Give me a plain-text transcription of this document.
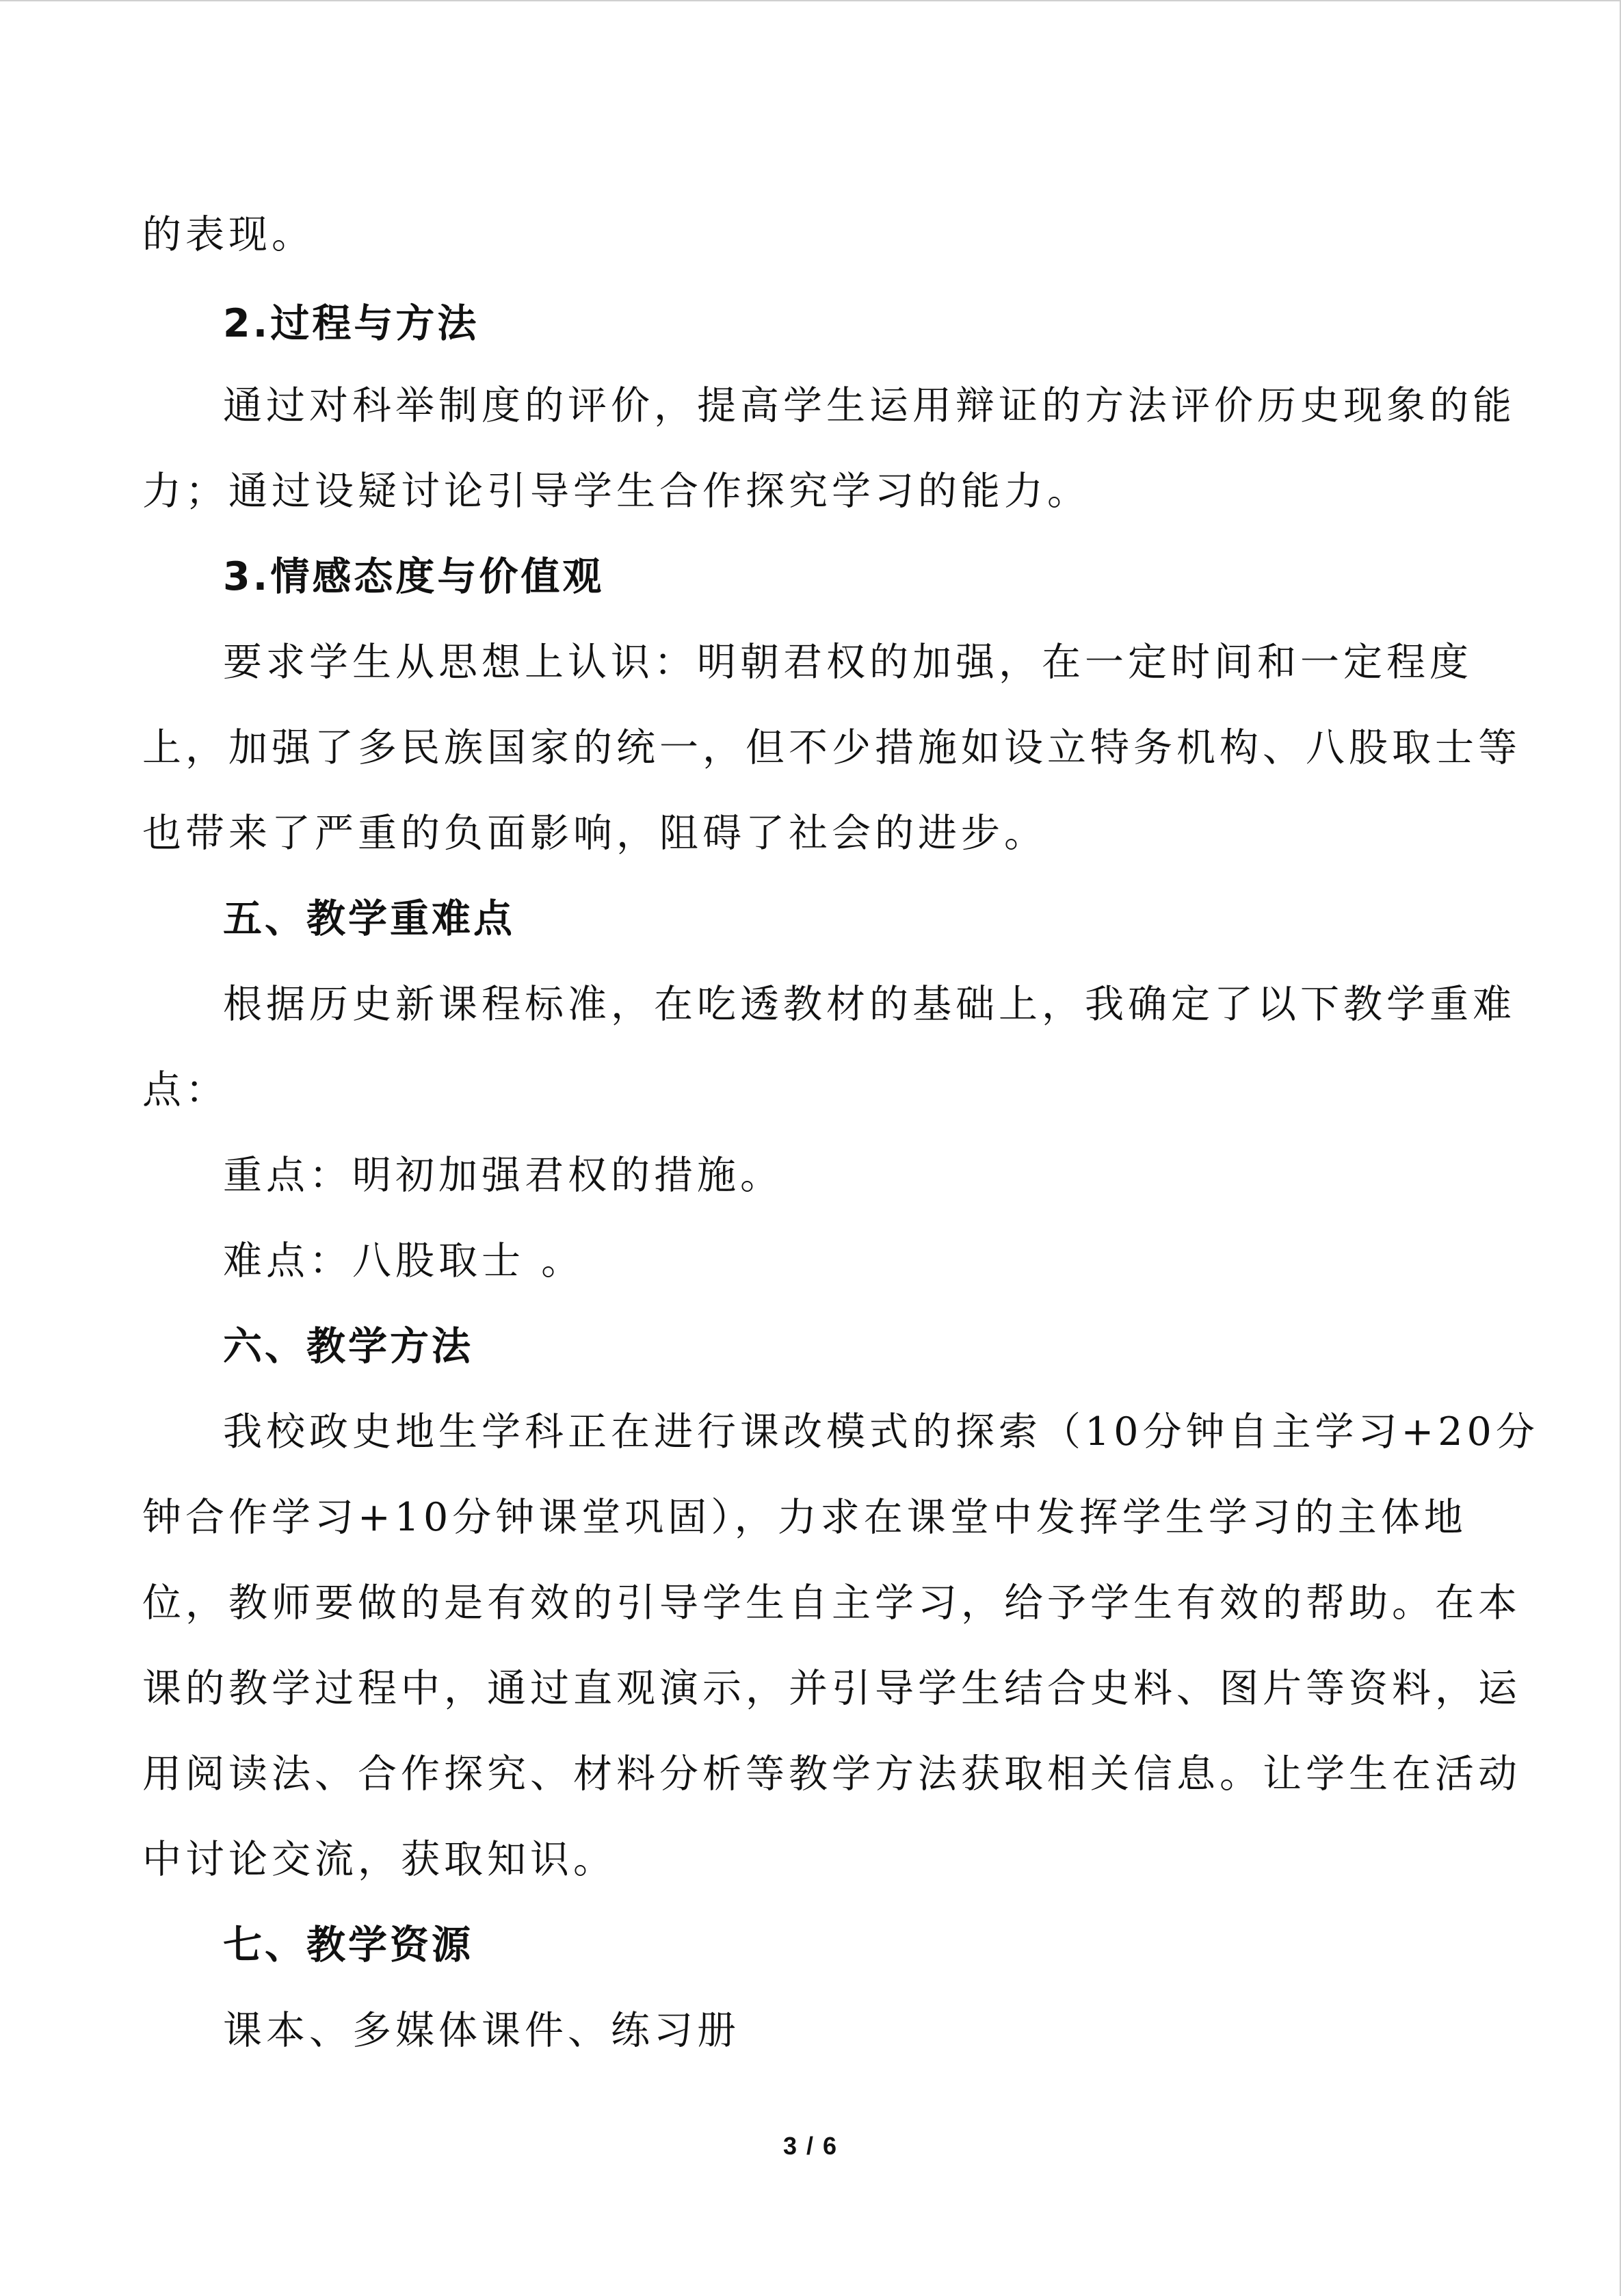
的表现。
2.过程与方法
通过对科举制度的评价，提高学生运用辩证的方法评价历史现象的能
力；通过设疑讨论引导学生合作探究学习的能力。
3.情感态度与价值观
要求学生从思想上认识：明朝君权的加强，在一定时间和一定程度
上，加强了多民族国家的统一，但不少措施如设立特务机构、八股取士等
也带来了严重的负面影响，阻碍了社会的进步。
五、教学重难点
根据历史新课程标准，在吃透教材的基础上，我确定了以下教学重难
点：
重点：明初加强君权的措施。
难点：八股取士 。
六、教学方法
我校政史地生学科正在进行课改模式的探索（10分钟自主学习+20分
钟合作学习+10分钟课堂巩固），力求在课堂中发挥学生学习的主体地
位，教师要做的是有效的引导学生自主学习，给予学生有效的帮助。在本
课的教学过程中，通过直观演示，并引导学生结合史料、图片等资料，运
用阅读法、合作探究、材料分析等教学方法获取相关信息。让学生在活动
中讨论交流，获取知识。
七、教学资源
课本、多媒体课件、练习册
3 / 6
